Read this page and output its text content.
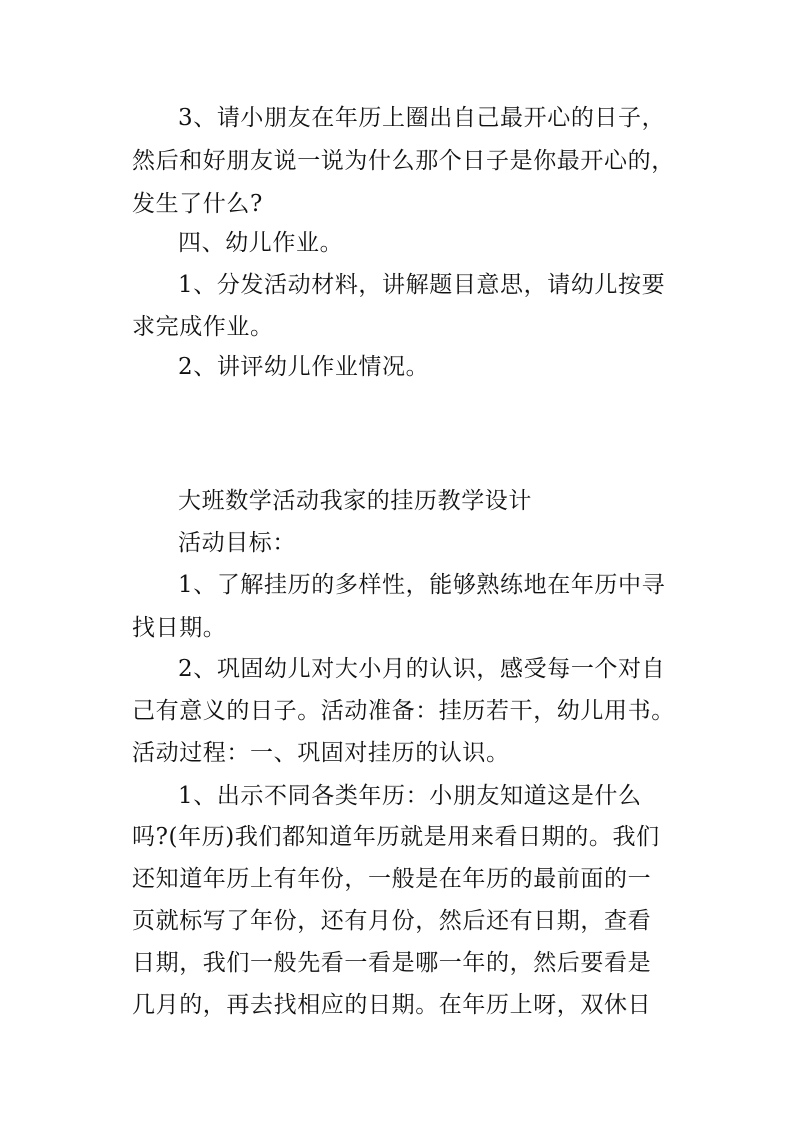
3、请小朋友在年历上圈出自己最开心的日子，
然后和好朋友说一说为什么那个日子是你最开心的，
发生了什么?
四、幼儿作业。
1、分发活动材料，讲解题目意思，请幼儿按要
求完成作业。
2、讲评幼儿作业情况。
大班数学活动我家的挂历教学设计
活动目标：
1、了解挂历的多样性，能够熟练地在年历中寻
找日期。
2、巩固幼儿对大小月的认识，感受每一个对自
己有意义的日子。活动准备：挂历若干，幼儿用书。
活动过程：一、巩固对挂历的认识。
1、出示不同各类年历：小朋友知道这是什么
吗?(年历)我们都知道年历就是用来看日期的。我们
还知道年历上有年份，一般是在年历的最前面的一
页就标写了年份，还有月份，然后还有日期，查看
日期，我们一般先看一看是哪一年的，然后要看是
几月的，再去找相应的日期。在年历上呀，双休日
